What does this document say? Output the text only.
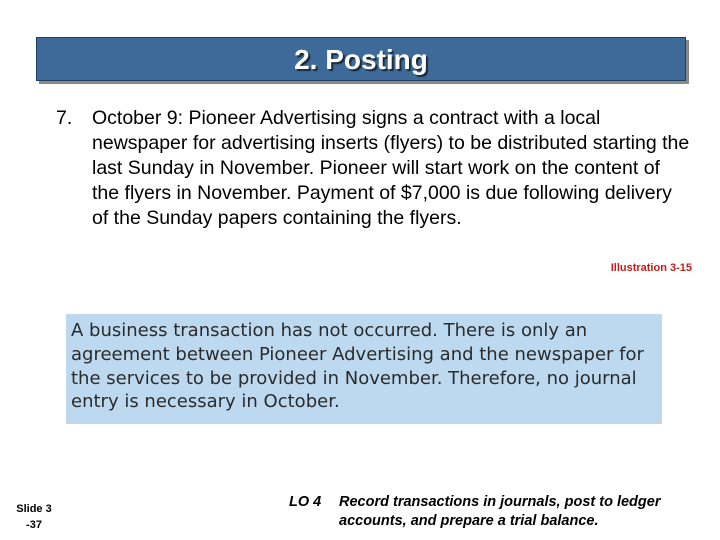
2. Posting
7.	October 9: Pioneer Advertising signs a contract with a local newspaper for advertising inserts (flyers) to be distributed starting the last Sunday in November. Pioneer will start work on the content of the flyers in November. Payment of $7,000 is due following delivery of the Sunday papers containing the flyers.
Illustration 3-15
A business transaction has not occurred. There is only an agreement between Pioneer Advertising and the newspaper for the services to be provided in November. Therefore, no journal entry is necessary in October.
Slide 3
-37
LO 4	Record transactions in journals, post to ledger accounts, and prepare a trial balance.
